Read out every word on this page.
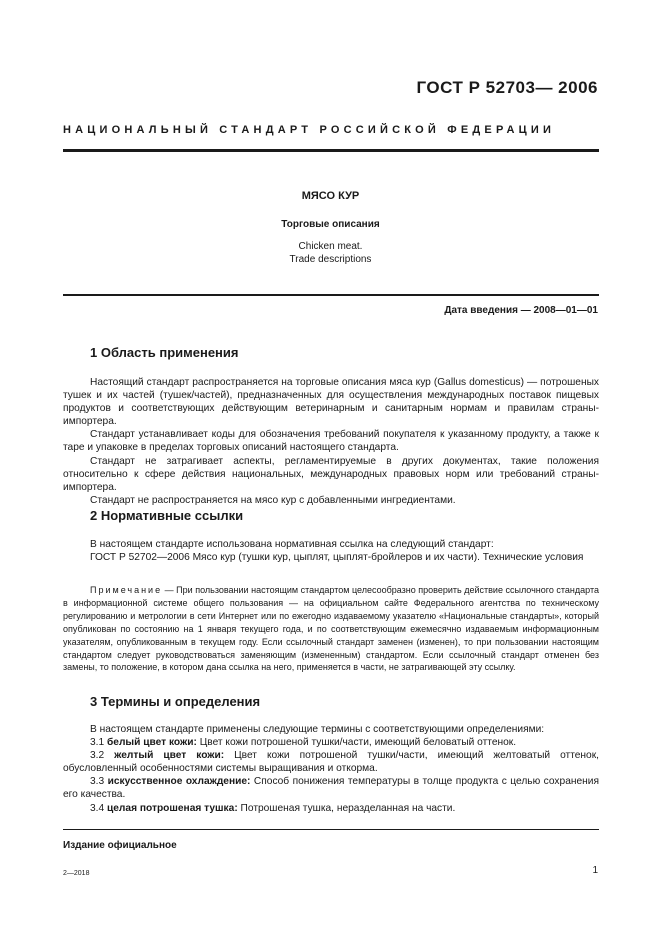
ГОСТ Р 52703— 2006
НАЦИОНАЛЬНЫЙ СТАНДАРТ РОССИЙСКОЙ ФЕДЕРАЦИИ
МЯСО КУР
Торговые описания
Chicken meat.
Trade descriptions
Дата введения — 2008—01—01
1 Область применения

Настоящий стандарт распространяется на торговые описания мяса кур (Gallus domesticus) — потрошеных тушек и их частей (тушек/частей), предназначенных для осуществления международных поставок пищевых продуктов и соответствующих действующим ветеринарным и санитарным нормам и правилам страны-импортера.

Стандарт устанавливает коды для обозначения требований покупателя к указанному продукту, а также к таре и упаковке в пределах торговых описаний настоящего стандарта.

Стандарт не затрагивает аспекты, регламентируемые в других документах, такие положения относительно к сфере действия национальных, международных правовых норм или требований страны-импортера.

Стандарт не распространяется на мясо кур с добавленными ингредиентами.

2 Нормативные ссылки

В настоящем стандарте использована нормативная ссылка на следующий стандарт:

ГОСТ Р 52702—2006 Мясо кур (тушки кур, цыплят, цыплят-бройлеров и их части). Технические условия

Примечание — При пользовании настоящим стандартом целесообразно проверить действие ссылочного стандарта в информационной системе общего пользования — на официальном сайте Федерального агентства по техническому регулированию и метрологии в сети Интернет или по ежегодно издаваемому указателю «Национальные стандарты», который опубликован по состоянию на 1 января текущего года, и по соответствующим ежемесячно издаваемым информационным указателям, опубликованным в текущем году. Если ссылочный стандарт заменен (изменен), то при пользовании настоящим стандартом следует руководствоваться заменяющим (измененным) стандартом. Если ссылочный стандарт отменен без замены, то положение, в котором дана ссылка на него, применяется в части, не затрагивающей эту ссылку.

3 Термины и определения

В настоящем стандарте применены следующие термины с соответствующими определениями:

3.1 белый цвет кожи: Цвет кожи потрошеной тушки/части, имеющий беловатый оттенок.

3.2 желтый цвет кожи: Цвет кожи потрошеной тушки/части, имеющий желтоватый оттенок, обусловленный особенностями системы выращивания и откорма.

3.3 искусственное охлаждение: Способ понижения температуры в толще продукта с целью сохранения его качества.

3.4 целая потрошеная тушка: Потрошеная тушка, неразделанная на части.

Издание официальное
2—2018	1
